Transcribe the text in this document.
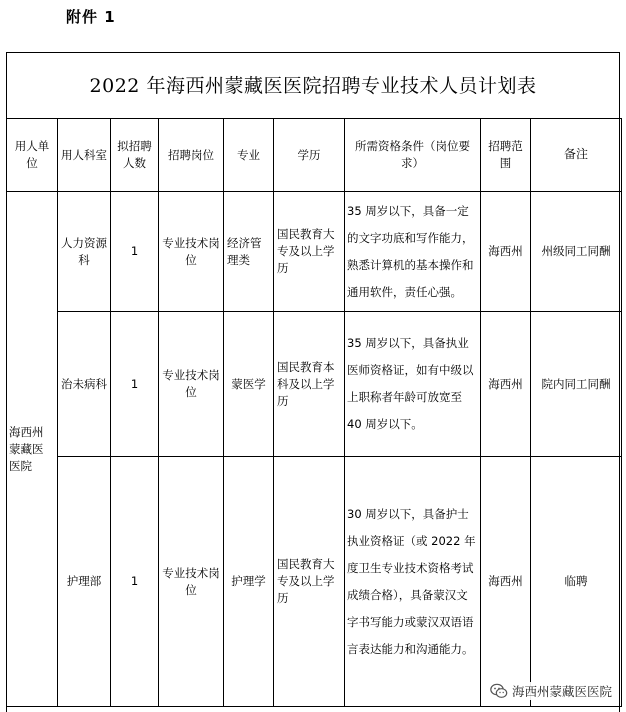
附件 1
2022 年海西州蒙藏医医院招聘专业技术人员计划表
用人单位	用人科室	拟招聘人数	招聘岗位	专业	学历	所需资格条件（岗位要求）	招聘范围	备注
海西州蒙藏医医院	人力资源科	1	专业技术岗位	经济管理类	国民教育大专及以上学历	35 周岁以下，具备一定的文字功底和写作能力，熟悉计算机的基本操作和通用软件，责任心强。	海西州	州级同工同酬
	治未病科	1	专业技术岗位	蒙医学	国民教育本科及以上学历	35 周岁以下，具备执业医师资格证，如有中级以上职称者年龄可放宽至 40 周岁以下。	海西州	院内同工同酬
	护理部	1	专业技术岗位	护理学	国民教育大专及以上学历	30 周岁以下，具备护士执业资格证（或 2022 年度卫生专业技术资格考试成绩合格），具备蒙汉文字书写能力或蒙汉双语语言表达能力和沟通能力。	海西州	临聘
海西州蒙藏医医院
